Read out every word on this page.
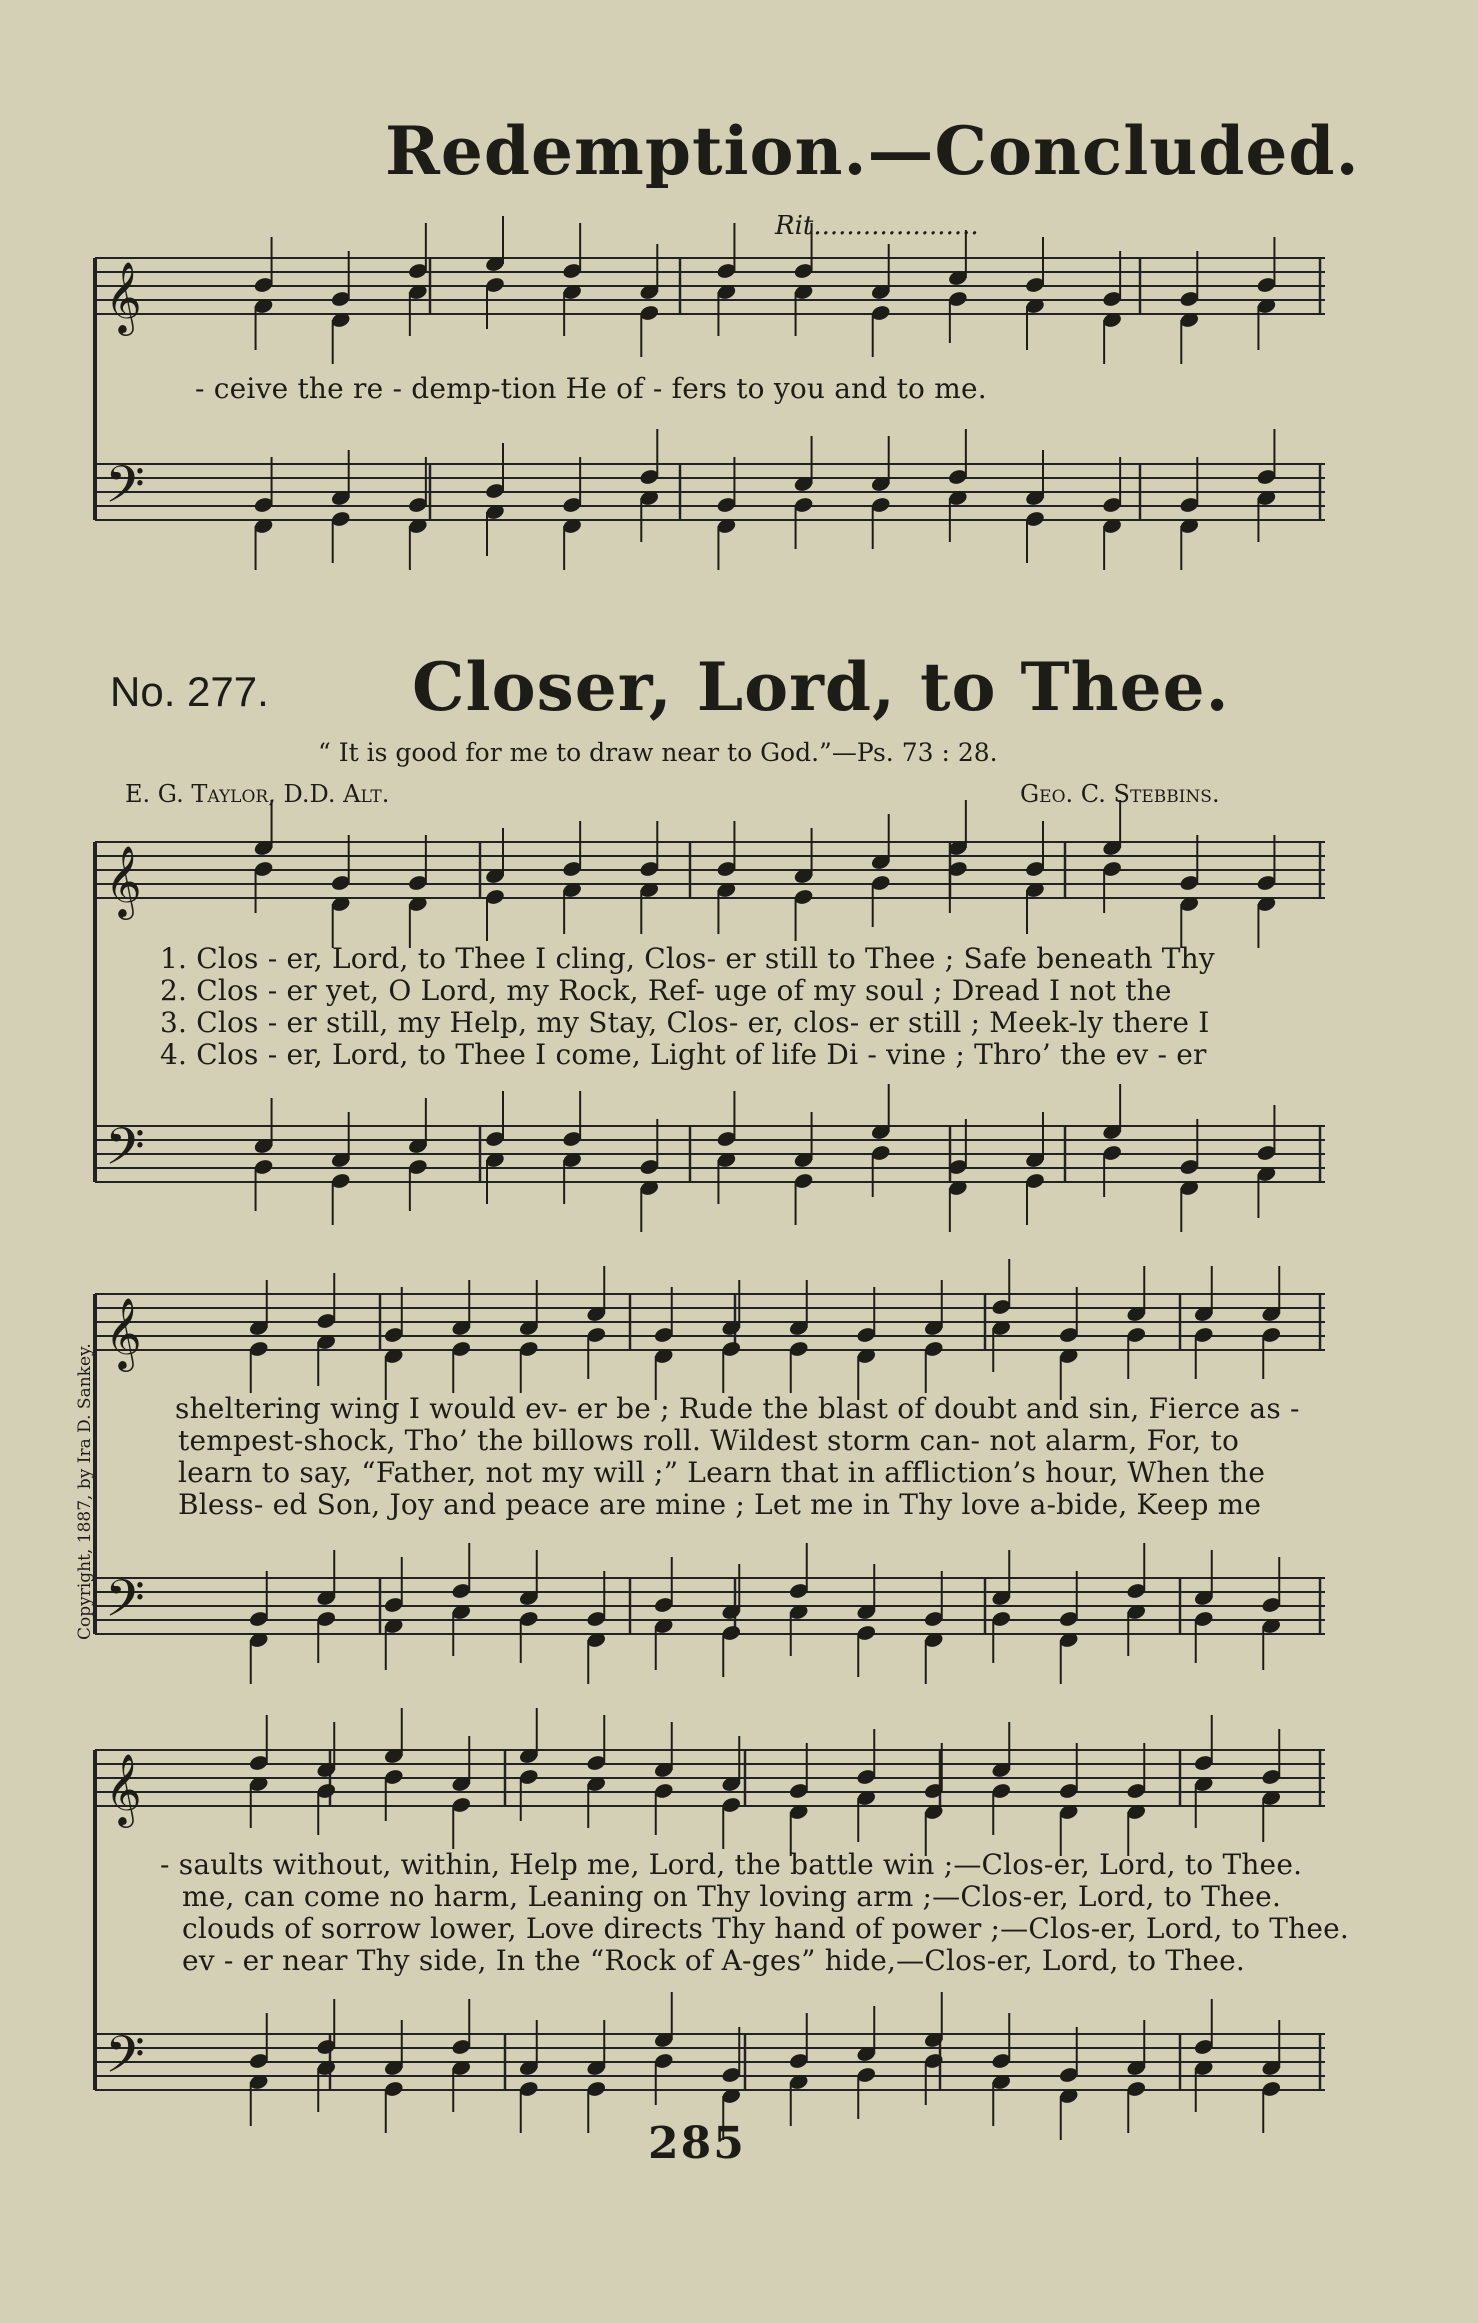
Redemption.—Concluded.
Rit....................
𝄞
𝄢
𝄞
𝄢
𝄞
𝄢
𝄞
𝄢
- ceive the re - demp-tion He of - fers to you and to me.
No. 277. Closer, Lord, to Thee.
“ It is good for me to draw near to God.”—Ps. 73 : 28.
E. G. Taylor, D.D. Alt.	Geo. C. Stebbins.
1. Clos - er, Lord, to Thee I cling, Clos- er still to Thee ; Safe beneath Thy
2. Clos - er yet, O Lord, my Rock, Ref- uge of my soul ; Dread I not the
3. Clos - er still, my Help, my Stay, Clos- er, clos- er still ; Meek-ly there I
4. Clos - er, Lord, to Thee I come, Light of life Di - vine ; Thro’ the ev - er
sheltering wing I would ev- er be ; Rude the blast of doubt and sin, Fierce as -
tempest-shock, Tho’ the billows roll. Wildest storm can- not alarm, For, to
learn to say, “Father, not my will ;” Learn that in affliction’s hour, When the
Bless- ed Son, Joy and peace are mine ; Let me in Thy love a-bide, Keep me
- saults without, within, Help me, Lord, the battle win ;—Clos-er, Lord, to Thee.
me, can come no harm, Leaning on Thy loving arm ;—Clos-er, Lord, to Thee.
clouds of sorrow lower, Love directs Thy hand of power ;—Clos-er, Lord, to Thee.
ev - er near Thy side, In the “Rock of A-ges” hide,—Clos-er, Lord, to Thee.
Copyright, 1887, by Ira D. Sankey.
285
